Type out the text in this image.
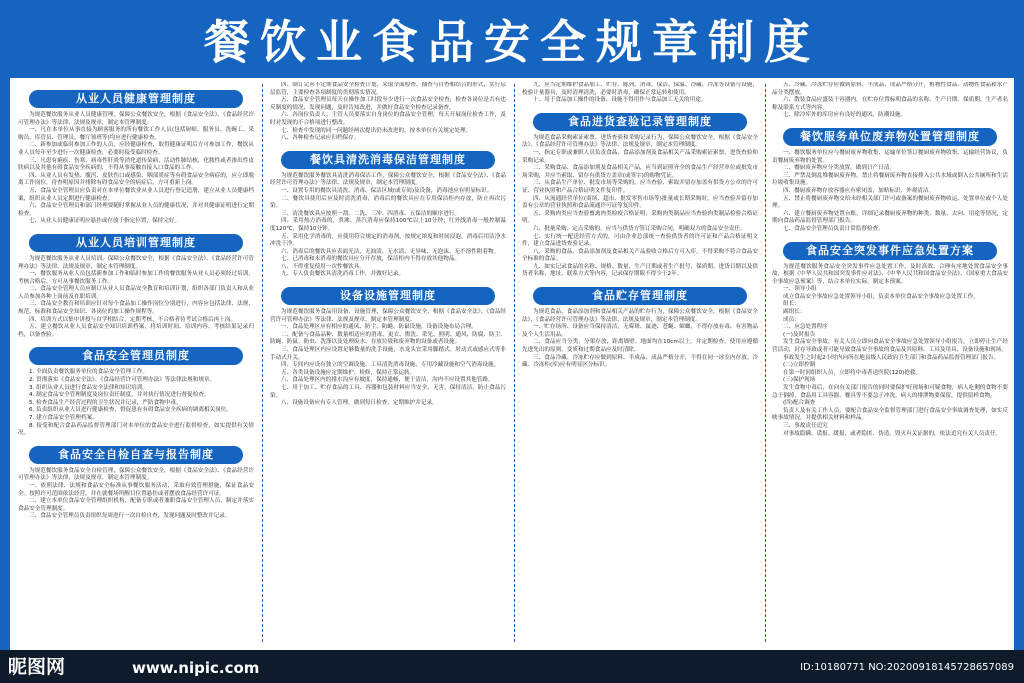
餐饮业食品安全规章制度
从业人员健康管理制度

为规范餐饮服务从业人员健康管理，保障公众餐饮安全，根据《食品安全法》、《食品经营许可管理办法》等法律、法规及规章，制定本管理制度。

一、凡在本单位从事直接为顾客服务的所有餐饮工作人员(包括厨师、服务员、洗碗工、采购员、库管员、管理员、餐厅领班等)均应进行健康检查。

二、新参加或临时参加工作的人员，应经健康检查，取得健康证明后方可参加工作，餐饮从业人员每年至少进行一次健康检查，必要时接受临时检查。

三、凡患有痢疾、伤寒、病毒性肝炎等消化道传染病，活动性肺结核，化脓性或者渗出性皮肤病以及其他有碍食品安全疾病的，不得从事接触直接入口食品的工作。

四、从业人员有发热、腹泻、皮肤伤口或感染、咽部炎症等有碍食品安全病症的，应立即脱离工作岗位，待查明原因并排除有碍食品安全的病症后，方可重新上岗。

五、食品安全管理员应负责对在本单位餐饮业从业人员进行登记造册，建立从业人员健康档案，组织从业人员定期进行健康检查。

六、食品安全管理员和部门经理要随时掌握从业人员的健康状况，并对其健康证明进行定期检查。

七、从业人员健康证明应悬挂或存放于指定位置，保持完好。

从业人员培训管理制度

为规范餐饮服务从业人员培训，保障公众餐饮安全，根据《食品安全法》、《食品经营许可管理办法》等法律、法规及规章，制定本管理制度。

一、餐饮服务从业人员包括新参加工作和临时参加工作的餐饮服务从业人员必须经过培训，考核合格后，方可从事餐饮服务工作。

二、食品安全管理人员应制订从业人员食品安全教育和培训计划，组织各部门负责人和从业人员参加各种上岗前及在职培训。

三、食品安全教育和培训应针对每个食品加工操作岗位分别进行，内容应包括法律、法规、规范、标准和食品安全知识、各岗位的加工操作规程等。

四、培训方式以集中讲授与自学相结合，定期考核，不合格者待考试合格后再上岗。

五、建立餐饮从业人员食品安全知识培训档案，将培训时间、培训内容、考核结果记录归档，以备查验。

食品安全管理员制度

1. 全面负责餐饮服务单位的食品安全管理工作。

2. 贯彻落实《食品安全法》、《食品经营许可管理办法》等法律法规和规章。

3. 组织从业人员进行食品安全法律和知识培训。

4. 制定食品安全管理制度及岗位责任制度，并对执行情况进行督促检查。

5. 检查食品生产经营过程的卫生状况并记录，严防食物中毒。

6. 负责组织从业人员进行健康检查，督促患有有碍食品安全疾病的调离相关岗位。

7. 建立食品安全管理档案。

8. 接受和配合食品药品监督管理部门对本单位的食品安全进行监督检查，如实提供有关情况。

食品安全自检自查与报告制度

为规范餐饮服务食品安全自检管理，保障公众餐饮安全，根据《食品安全法》、《食品经营许可管理办法》等法律、法规及规章，制定本管理制度。

一、依照法律、法规和食品安全标准从事餐饮服务活动，采取有效管理措施，保证食品安全。按照许可范围依法经营，并在就餐场所醒目位置悬挂或者摆放食品经营许可证。

二、建立本单位食品安全管理组织机构，配备专职或者兼职食品安全管理人员，制定并落实食品安全管理制度。

三、食品安全管理员负责组织每周进行一次自检自查，发现问题及时整改并记录。

四、制订完善不定期食品安全检查计划，采取全面检查、抽查与自查相结合的形式，实行层层监管，主要检查各项制度的贯彻落实情况。

五、食品安全管理员每天在操作加工时段至少进行一次食品安全检查，检查各岗位是否有违反制度的情况，发现问题，及时告知改进，并做好食品安全检查记录备查。

六、各岗位负责人、主管人员要落实自身岗位的食品安全管理，每天开展岗位检查工作，及时对发现的不合格项进行整改。

七、检查中发现的同一问题经两次提出仍未改进的，按本单位有关规定处理。

八、各种检查记录应归档保存。

餐饮具清洗消毒保洁管理制度

为规范餐饮服务餐饮具清洗消毒保洁工作，保障公众餐饮安全，根据《食品安全法》、《食品经营许可管理办法》等法律、法规及规章，制定本管理制度。

一、设置专用的餐饮具清洗、消毒、保洁区域(或专间)及设备，消毒池应有明显标识。

二、餐饮具使用后应及时清洗消毒，消毒后的餐饮具应在专用保洁柜内存放，防止再次污染。

三、清洗餐饮具应按照一刮、二洗、三冲、四消毒、五保洁的顺序进行。

四、采用热力消毒的，煮沸、蒸汽消毒应保持100℃以上10分钟；红外线消毒一般控制温度120℃，保持10分钟。

五、采用化学消毒的，应使用符合规定的消毒剂，按规定浓度和时间浸泡，消毒后用洁净水冲洗干净。

六、消毒后的餐饮具应表面光洁，无油渍、无水渍、无异味、无泡沫、无不溶性附着物。

七、已消毒和未消毒的餐饮具应分开存放，保洁柜内不得存放其他物品。

八、不得重复使用一次性餐饮具。

九、专人负责餐饮具清洗消毒工作，并做好记录。

设备设施管理制度

为规范餐饮服务食品用设备、设施管理，保障公众餐饮安全，根据《食品安全法》、《食品经营许可管理办法》等法律、法规及规章，制定本管理制度。

一、食品处理区应有相应的通风、防尘、防蝇、防鼠设施，设备设施布局合理。

二、配备与食品品种、数量相适应的消毒、更衣、盥洗、采光、照明、通风、防腐、防尘、防蝇、防鼠、防虫、洗涤以及处理废水、存放垃圾和废弃物的设备或者设施。

三、食品处理区内应设置足够数量的洗手设施，水龙头宜采用脚踏式、肘动式或感应式等非手动式开关。

四、专间内应设有独立的空调设施、工具清洗消毒设施、专用冷藏设施和空气消毒设施。

五、各类设备设施应定期维护、检修，保持正常运转。

六、食品处理区内的排水沟应有坡度，保持通畅，便于清洁，沟内不应设置其他管路。

七、用于加工、贮存食品的工具、容器和包装材料应当安全、无害，保持清洁，防止食品污染。

八、设施设备应有专人管理，做到每日检查、定期维护并记录。

九、应当定期维护食品加工、贮存、陈列、消毒、保洁、保温、冷藏、冷冻等设备与设施，校验计量器具，及时清理清洗，必要时消毒，确保正常运转和使用。

十、用于食品加工操作的设备、设施不得用作与食品加工无关的用途。

食品进货查验记录管理制度

为规范食品采购索证索票、进货查验和采购记录行为，保障公众餐饮安全，根据《食品安全法》、《食品经营许可管理办法》等法律、法规及规章，制定本管理制度。

一、指定专职或兼职人员负责食品、食品添加剂及食品相关产品采购索证索票、进货查验和采购记录。

二、采购食品、食品添加剂及食品相关产品，应当到证照齐全的食品生产经营单位或批发市场采购，并应当索取、留存有供货方盖章(或签字)的购物凭证。

三、从食品生产单位、批发市场等采购的，应当查验、索取并留存加盖有供货方公章的许可证、营业执照和产品合格证明文件复印件。

四、从流通经营单位(商场、超市、批发零售市场等)批量或长期采购时，应当查验并留存加盖有公章的营业执照和食品流通许可证等复印件。

五、采购肉类应当查验畜禽肉类检疫合格证明；采购肉类制品应当查验肉类制品检验合格证明。

六、批量采购、定点采购的，应当与供货方签订采购合同，明确双方的食品安全责任。

七、实行统一配送经营方式的，可由企业总部统一查验供货者的许可证和产品合格证明文件，建立食品进货查验记录。

八、采购的食品、食品添加剂及食品相关产品验收合格后方可入库，不得采购不符合食品安全标准的食品。

九、如实记录食品的名称、规格、数量、生产日期或者生产批号、保质期、进货日期以及供货者名称、地址、联系方式等内容，记录保存期限不得少于2年。

食品贮存管理制度

为规范食品、食品添加剂和食品相关产品的贮存行为，保障公众餐饮安全，根据《食品安全法》、《食品经营许可管理办法》等法律、法规及规章，制定本管理制度。

一、贮存场所、设备应当保持清洁，无霉斑、鼠迹、苍蝇、蟑螂，不得存放有毒、有害物品及个人生活用品。

二、食品应当分类、分架存放，距离墙壁、地面均在10cm以上，并定期检查，使用应遵循先进先出的原则，变质和过期食品应及时清除。

三、食品冷藏、冷冻贮存应做到原料、半成品、成品严格分开，不得在同一冰室内存放。冷藏、冷冻柜(库)应有明显区分标识。

五、冷藏、冷冻贮存应做到原料、半成品、成品严格分开，植物性食品、动物性食品和水产品分类摆放。

六、散装食品应盛装于容器内，在贮存位置标明食品的名称、生产日期、保质期、生产者名称及联系方式等内容。

七、除冷库外的库房应有良好的通风、防潮设施。

餐饮服务单位废弃物处置管理制度

一、餐饮服务单位应与餐厨废弃物收集、运输单位签订餐厨废弃物收集、运输经营协议，负责餐厨废弃物的处置。

二、餐厨废弃物应分类放置，做到日产日清。

三、严禁乱倒乱堆餐厨废弃物，禁止将餐厨废弃物直接排入公共水域或倒入公共厕所和生活垃圾收集设施。

四、餐厨废弃物存放容器应有密闭盖，加贴标识，外观清洁。

五、禁止将餐厨废弃物交给未经相关部门许可或备案的餐厨废弃物收运、处置单位或个人处理。

六、建立餐厨废弃物处置台账，详细记录餐厨废弃物的种类、数量、去向、用途等情况，定期向食品药品监督管理部门报告。

七、食品安全管理员负责日常监督检查。

食品安全突发事件应急处置方案

为规范餐饮服务食品安全突发事件应急处置工作，及时高效、合理有序地处置食品安全事故，根据《中华人民共和国突发事件应对法》、《中华人民共和国食品安全法》、《国家重大食品安全事故应急预案》等，结合本单位实际，制定本预案。

一、领导小组

成立食品安全事故应急处置领导小组，负责本单位食品安全事故应急处置工作。

组长：

副组长：

成员：

二、应急处置程序

(一)及时报告

发生食品安全事故，有关人员立即向食品安全事故应急处置领导小组报告，立即停止生产经营活动，封存导致或者可能导致食品安全事故的食品及其原料、工具及用具、设备设施和现场。

事故发生之时起2小时内向所在地县级人民政府卫生部门和食品药品监督管理部门报告。

(二)立即控制

在第一时间组织人员，立即将中毒者送医院(120)抢救。

(三)保护现场

发生食物中毒后，在向有关部门报告的同时要保护好现场和可疑食物，病人吃剩的食物不要急于倒掉，食品用工具容器、餐具等不要急于冲洗，病人的排泄物要保留，提供留样食物。

(四)配合调查

负责人及有关工作人员，要配合食品安全监督管理部门进行食品安全事故调查处理，如实反映事故情况，并提供相关材料和样品。

三、事故责任追究

对事故隐瞒、谎报、缓报，或者隐匿、伪造、毁灭有关证据的，依法追究有关人员责任。

昵图网	www.nipic.com	ID:10180771 NO:20200918145728657089
